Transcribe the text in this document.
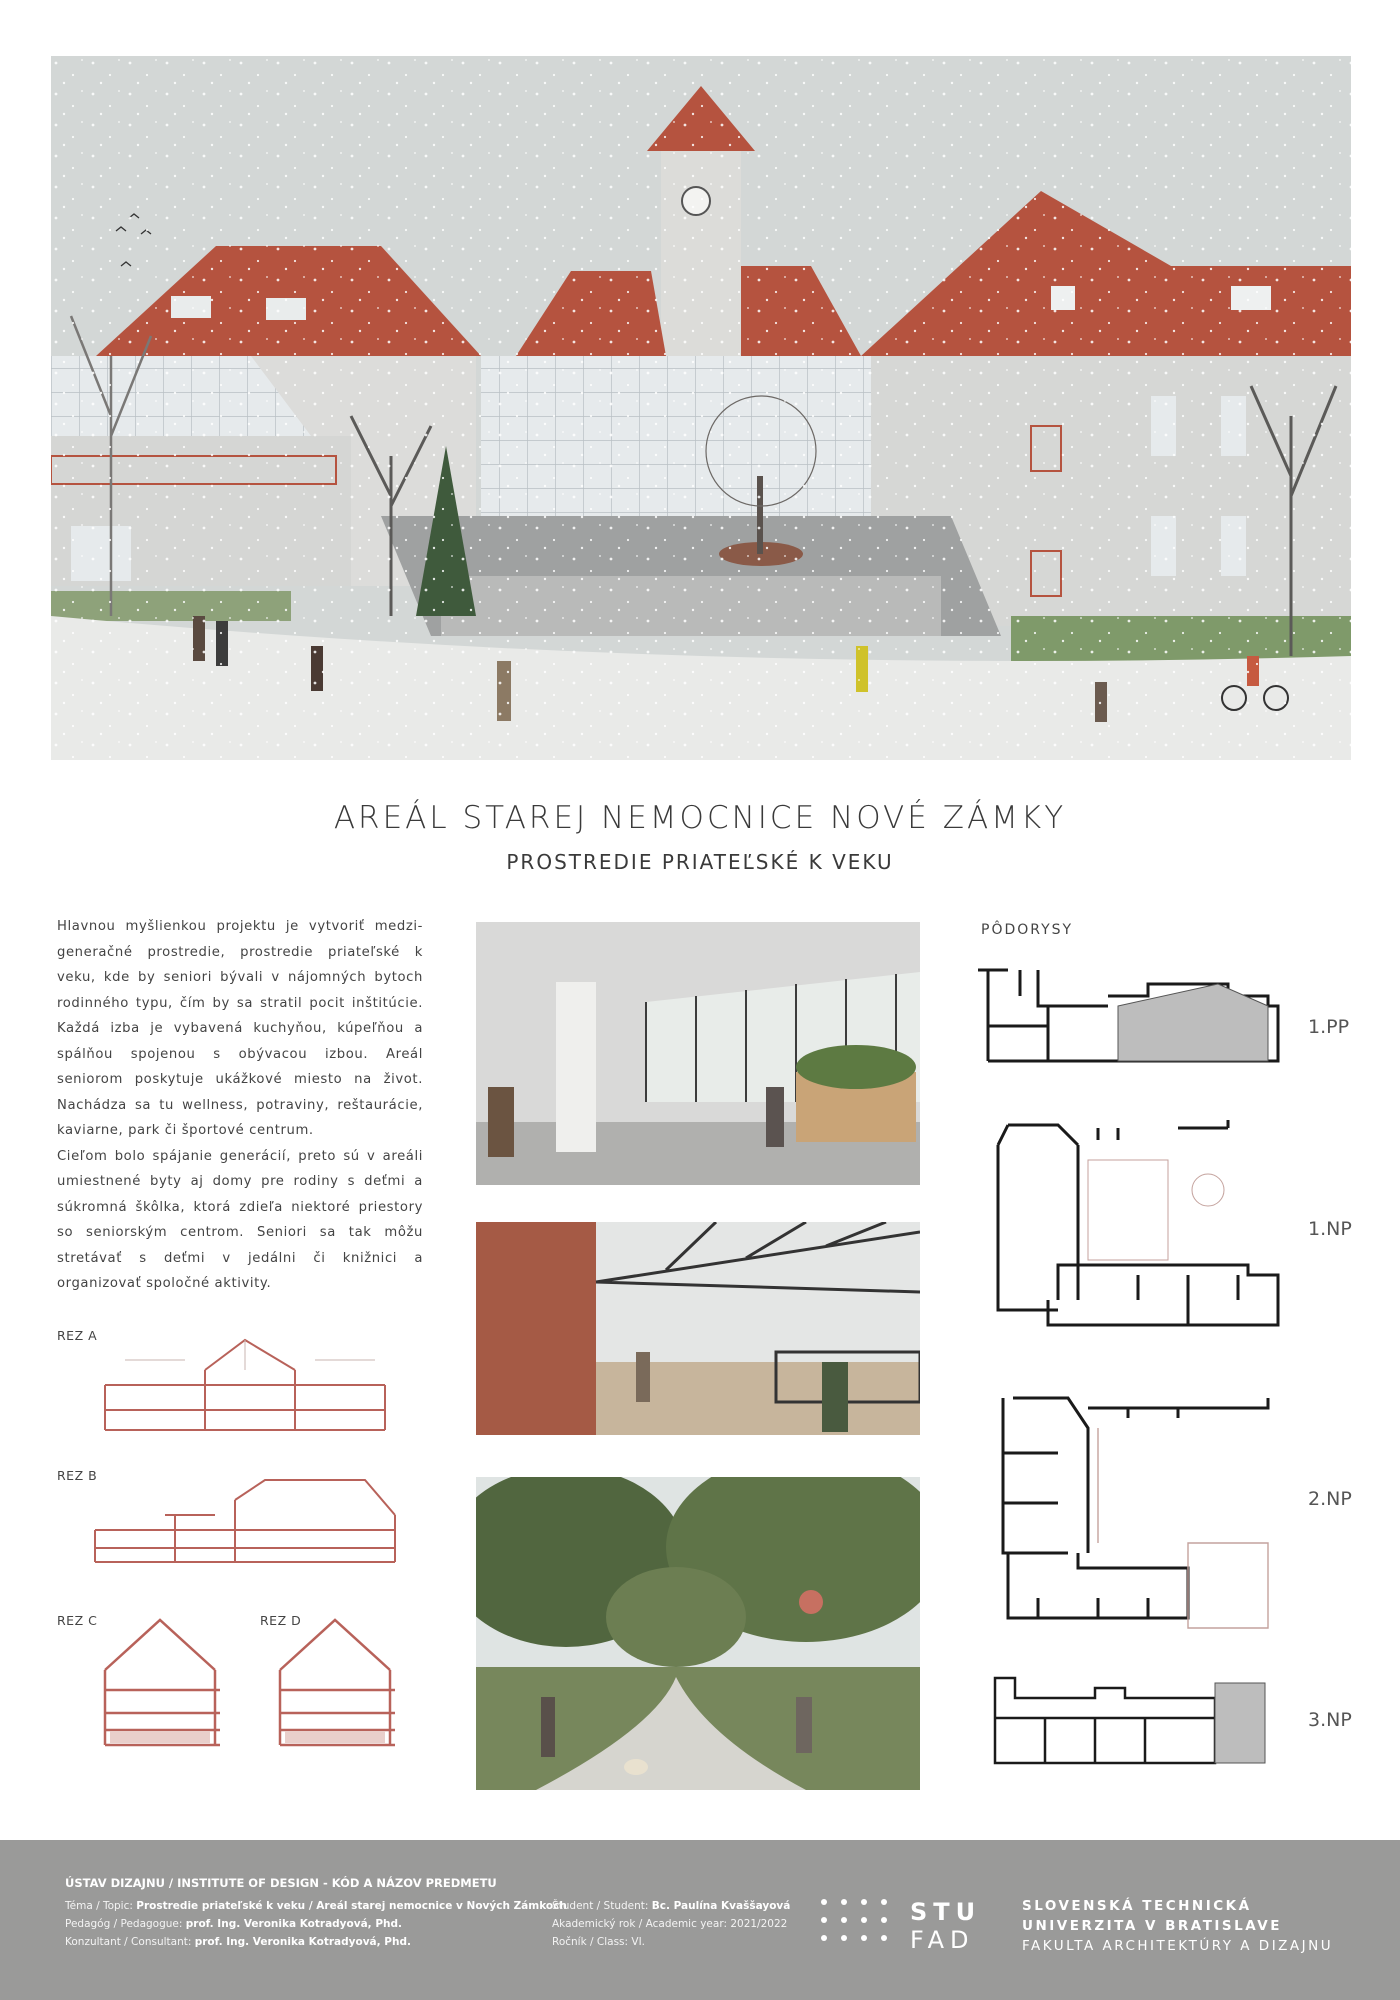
AREÁL STAREJ NEMOCNICE NOVÉ ZÁMKY
PROSTREDIE PRIATEĽSKÉ K VEKU

Hlavnou myšlienkou projektu je vytvoriť medzi-generačné prostredie, prostredie priateľské k veku, kde by seniori bývali v nájomných bytoch rodinného typu, čím by sa stratil pocit inštitúcie. Každá izba je vybavená kuchyňou, kúpeľňou a spálňou spojenou s obývacou izbou. Areál seniorom poskytuje ukážkové miesto na život. Nachádza sa tu wellness, potraviny, reštaurácie, kaviarne, park či športové centrum.

Cieľom bolo spájanie generácií, preto sú v areáli umiestnené byty aj domy pre rodiny s deťmi a súkromná škôlka, ktorá zdieľa niektoré priestory so seniorským centrom. Seniori sa tak môžu stretávať s deťmi v jedálni či knižnici a organizovať spoločné aktivity.

REZ A
REZ B
REZ C	REZ D
PÔDORYSY
1.PP
1.NP
2.NP
3.NP
ÚSTAV DIZAJNU / INSTITUTE OF DESIGN - KÓD A NÁZOV PREDMETU
Téma / Topic: Prostredie priateľské k veku / Areál starej nemocnice v Nových Zámkoch
Pedagóg / Pedagogue: prof. Ing. Veronika Kotradyová, Phd.
Konzultant / Consultant: prof. Ing. Veronika Kotradyová, Phd.
Študent / Student: Bc. Paulína Kvaššayová
Akademický rok / Academic year: 2021/2022
Ročník / Class: VI.
STU
FAD
SLOVENSKÁ TECHNICKÁ
UNIVERZITA V BRATISLAVE
FAKULTA ARCHITEKTÚRY A DIZAJNU
